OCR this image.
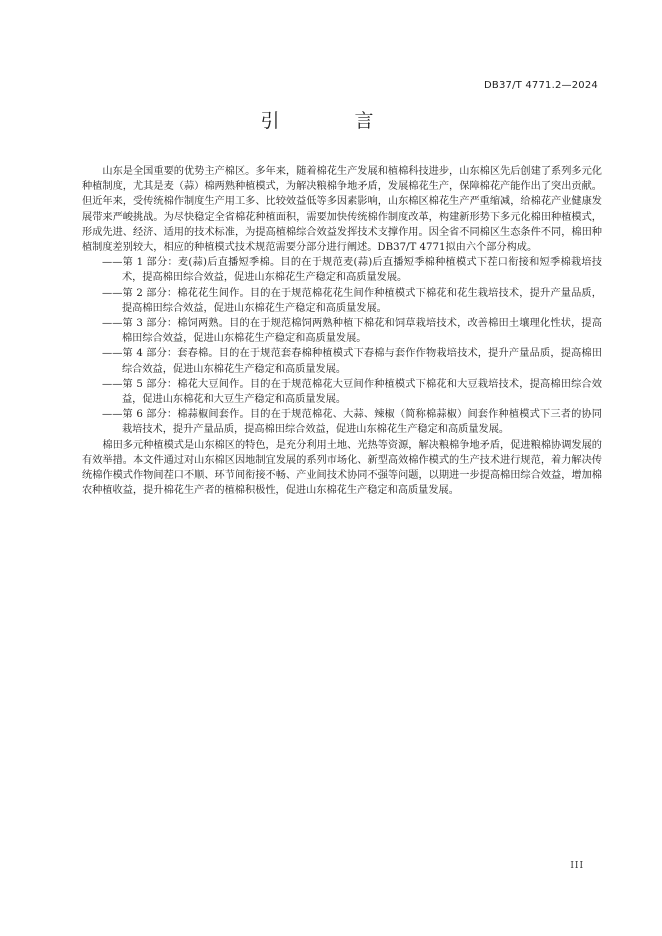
DB37/T 4771.2—2024
引　言

山东是全国重要的优势主产棉区。多年来，随着棉花生产发展和植棉科技进步，山东棉区先后创建了系列多元化种植制度，尤其是麦（蒜）棉两熟种植模式，为解决粮棉争地矛盾，发展棉花生产，保障棉花产能作出了突出贡献。但近年来，受传统棉作制度生产用工多、比较效益低等多因素影响，山东棉区棉花生产严重缩减，给棉花产业健康发展带来严峻挑战。为尽快稳定全省棉花种植面积，需要加快传统棉作制度改革，构建新形势下多元化棉田种植模式，形成先进、经济、适用的技术标准，为提高植棉综合效益发挥技术支撑作用。因全省不同棉区生态条件不同，棉田种植制度差别较大，相应的种植模式技术规范需要分部分进行阐述。DB37/T 4771拟由六个部分构成。

——第 1 部分：麦(蒜)后直播短季棉。目的在于规范麦(蒜)后直播短季棉种植模式下茬口衔接和短季棉栽培技术，提高棉田综合效益，促进山东棉花生产稳定和高质量发展。

——第 2 部分：棉花花生间作。目的在于规范棉花花生间作种植模式下棉花和花生栽培技术，提升产量品质，提高棉田综合效益，促进山东棉花生产稳定和高质量发展。

——第 3 部分：棉饲两熟。目的在于规范棉饲两熟种植下棉花和饲草栽培技术，改善棉田土壤理化性状，提高棉田综合效益，促进山东棉花生产稳定和高质量发展。

——第 4 部分：套春棉。目的在于规范套春棉种植模式下春棉与套作作物栽培技术，提升产量品质，提高棉田综合效益，促进山东棉花生产稳定和高质量发展。

——第 5 部分：棉花大豆间作。目的在于规范棉花大豆间作种植模式下棉花和大豆栽培技术，提高棉田综合效益，促进山东棉花和大豆生产稳定和高质量发展。

——第 6 部分：棉蒜椒间套作。目的在于规范棉花、大蒜、辣椒（简称棉蒜椒）间套作种植模式下三者的协同栽培技术，提升产量品质，提高棉田综合效益，促进山东棉花生产稳定和高质量发展。

棉田多元种植模式是山东棉区的特色，是充分利用土地、光热等资源，解决粮棉争地矛盾，促进粮棉协调发展的有效举措。本文件通过对山东棉区因地制宜发展的系列市场化、新型高效棉作模式的生产技术进行规范，着力解决传统棉作模式作物间茬口不顺、环节间衔接不畅、产业间技术协同不强等问题，以期进一步提高棉田综合效益，增加棉农种植收益，提升棉花生产者的植棉积极性，促进山东棉花生产稳定和高质量发展。

III
